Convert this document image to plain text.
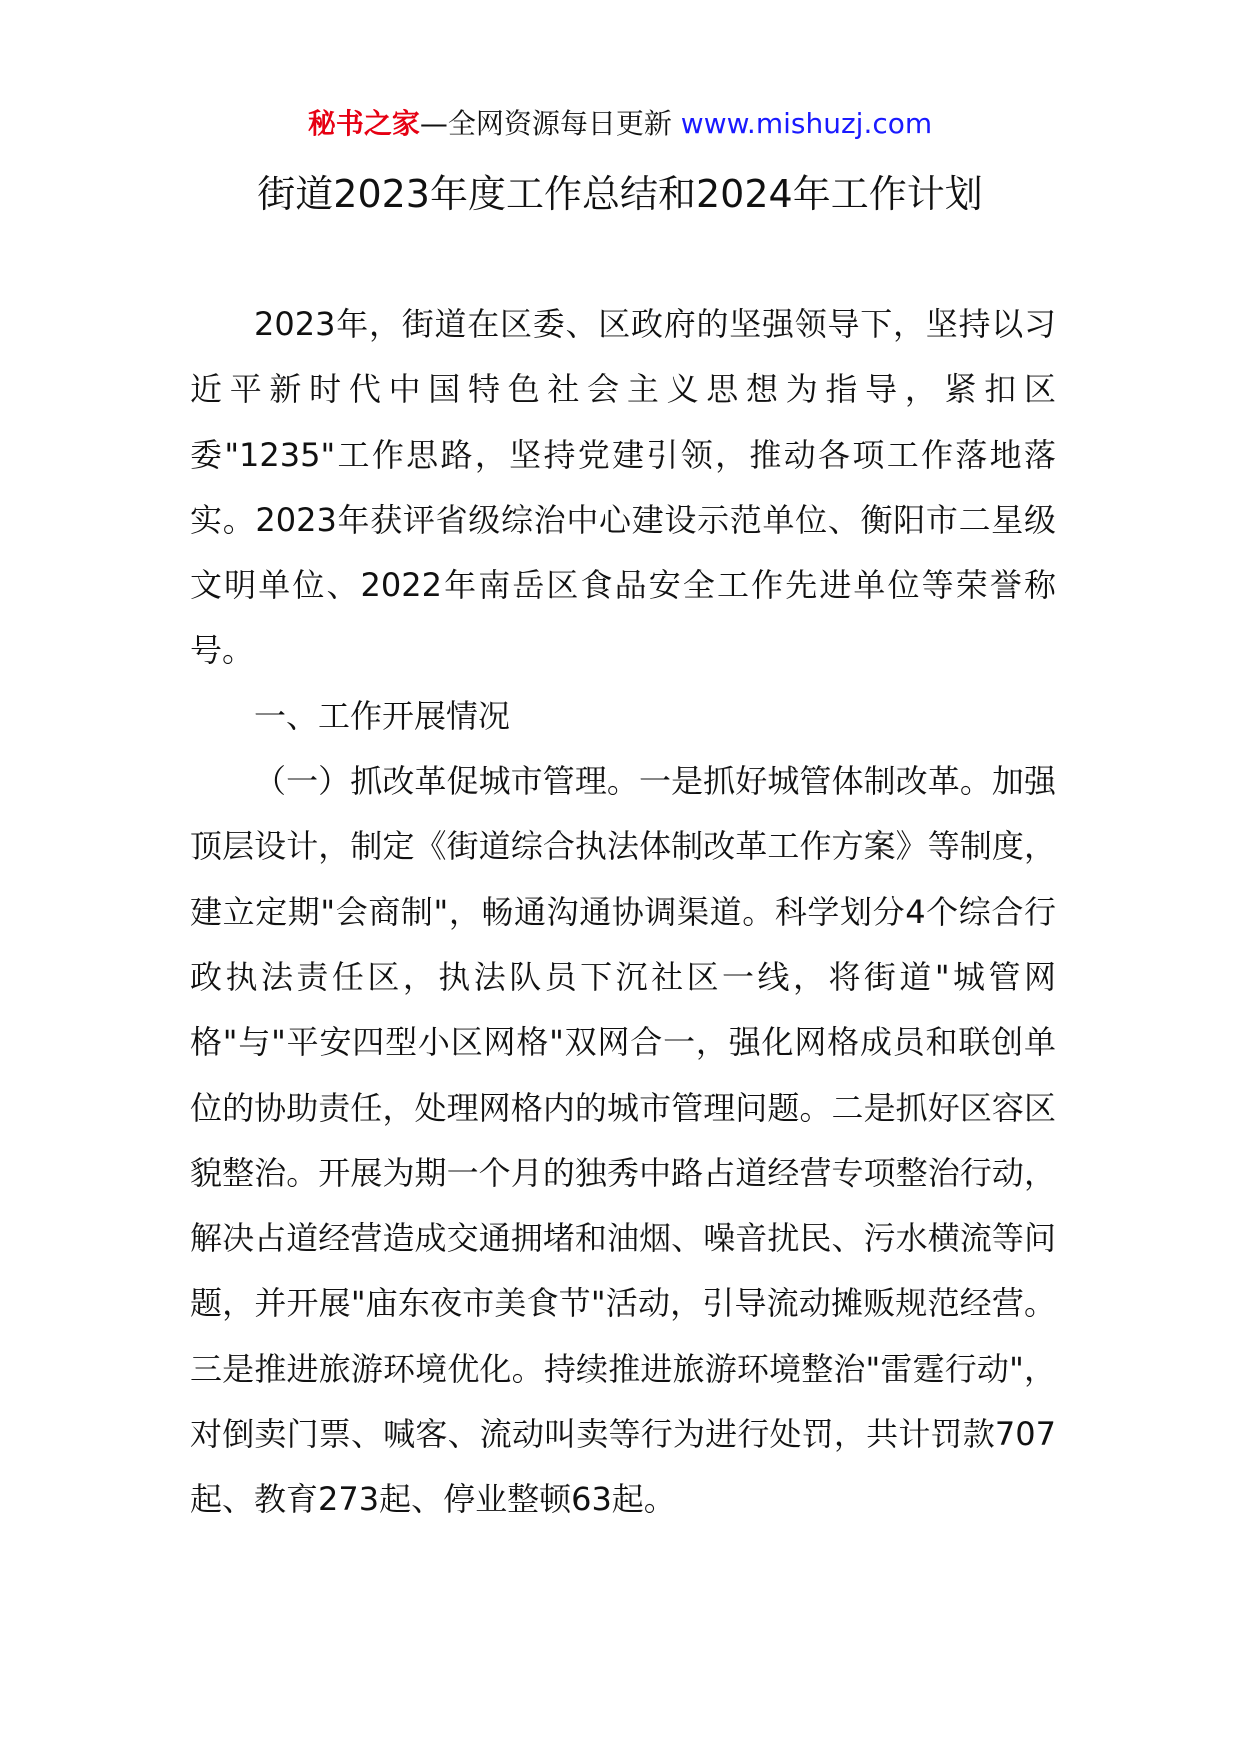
秘书之家—全网资源每日更新 www.mishuzj.com
街道2023年度工作总结和2024年工作计划

2023年，街道在区委、区政府的坚强领导下，坚持以习近平新时代中国特色社会主义思想为指导，紧扣区委"1235"工作思路，坚持党建引领，推动各项工作落地落实。2023年获评省级综治中心建设示范单位、衡阳市二星级文明单位、2022年南岳区食品安全工作先进单位等荣誉称号。

一、工作开展情况

（一）抓改革促城市管理。一是抓好城管体制改革。加强顶层设计，制定《街道综合执法体制改革工作方案》等制度，建立定期"会商制"，畅通沟通协调渠道。科学划分4个综合行政执法责任区，执法队员下沉社区一线，将街道"城管网格"与"平安四型小区网格"双网合一，强化网格成员和联创单位的协助责任，处理网格内的城市管理问题。二是抓好区容区貌整治。开展为期一个月的独秀中路占道经营专项整治行动，解决占道经营造成交通拥堵和油烟、噪音扰民、污水横流等问题，并开展"庙东夜市美食节"活动，引导流动摊贩规范经营。三是推进旅游环境优化。持续推进旅游环境整治"雷霆行动"，对倒卖门票、喊客、流动叫卖等行为进行处罚，共计罚款707起、教育273起、停业整顿63起。
